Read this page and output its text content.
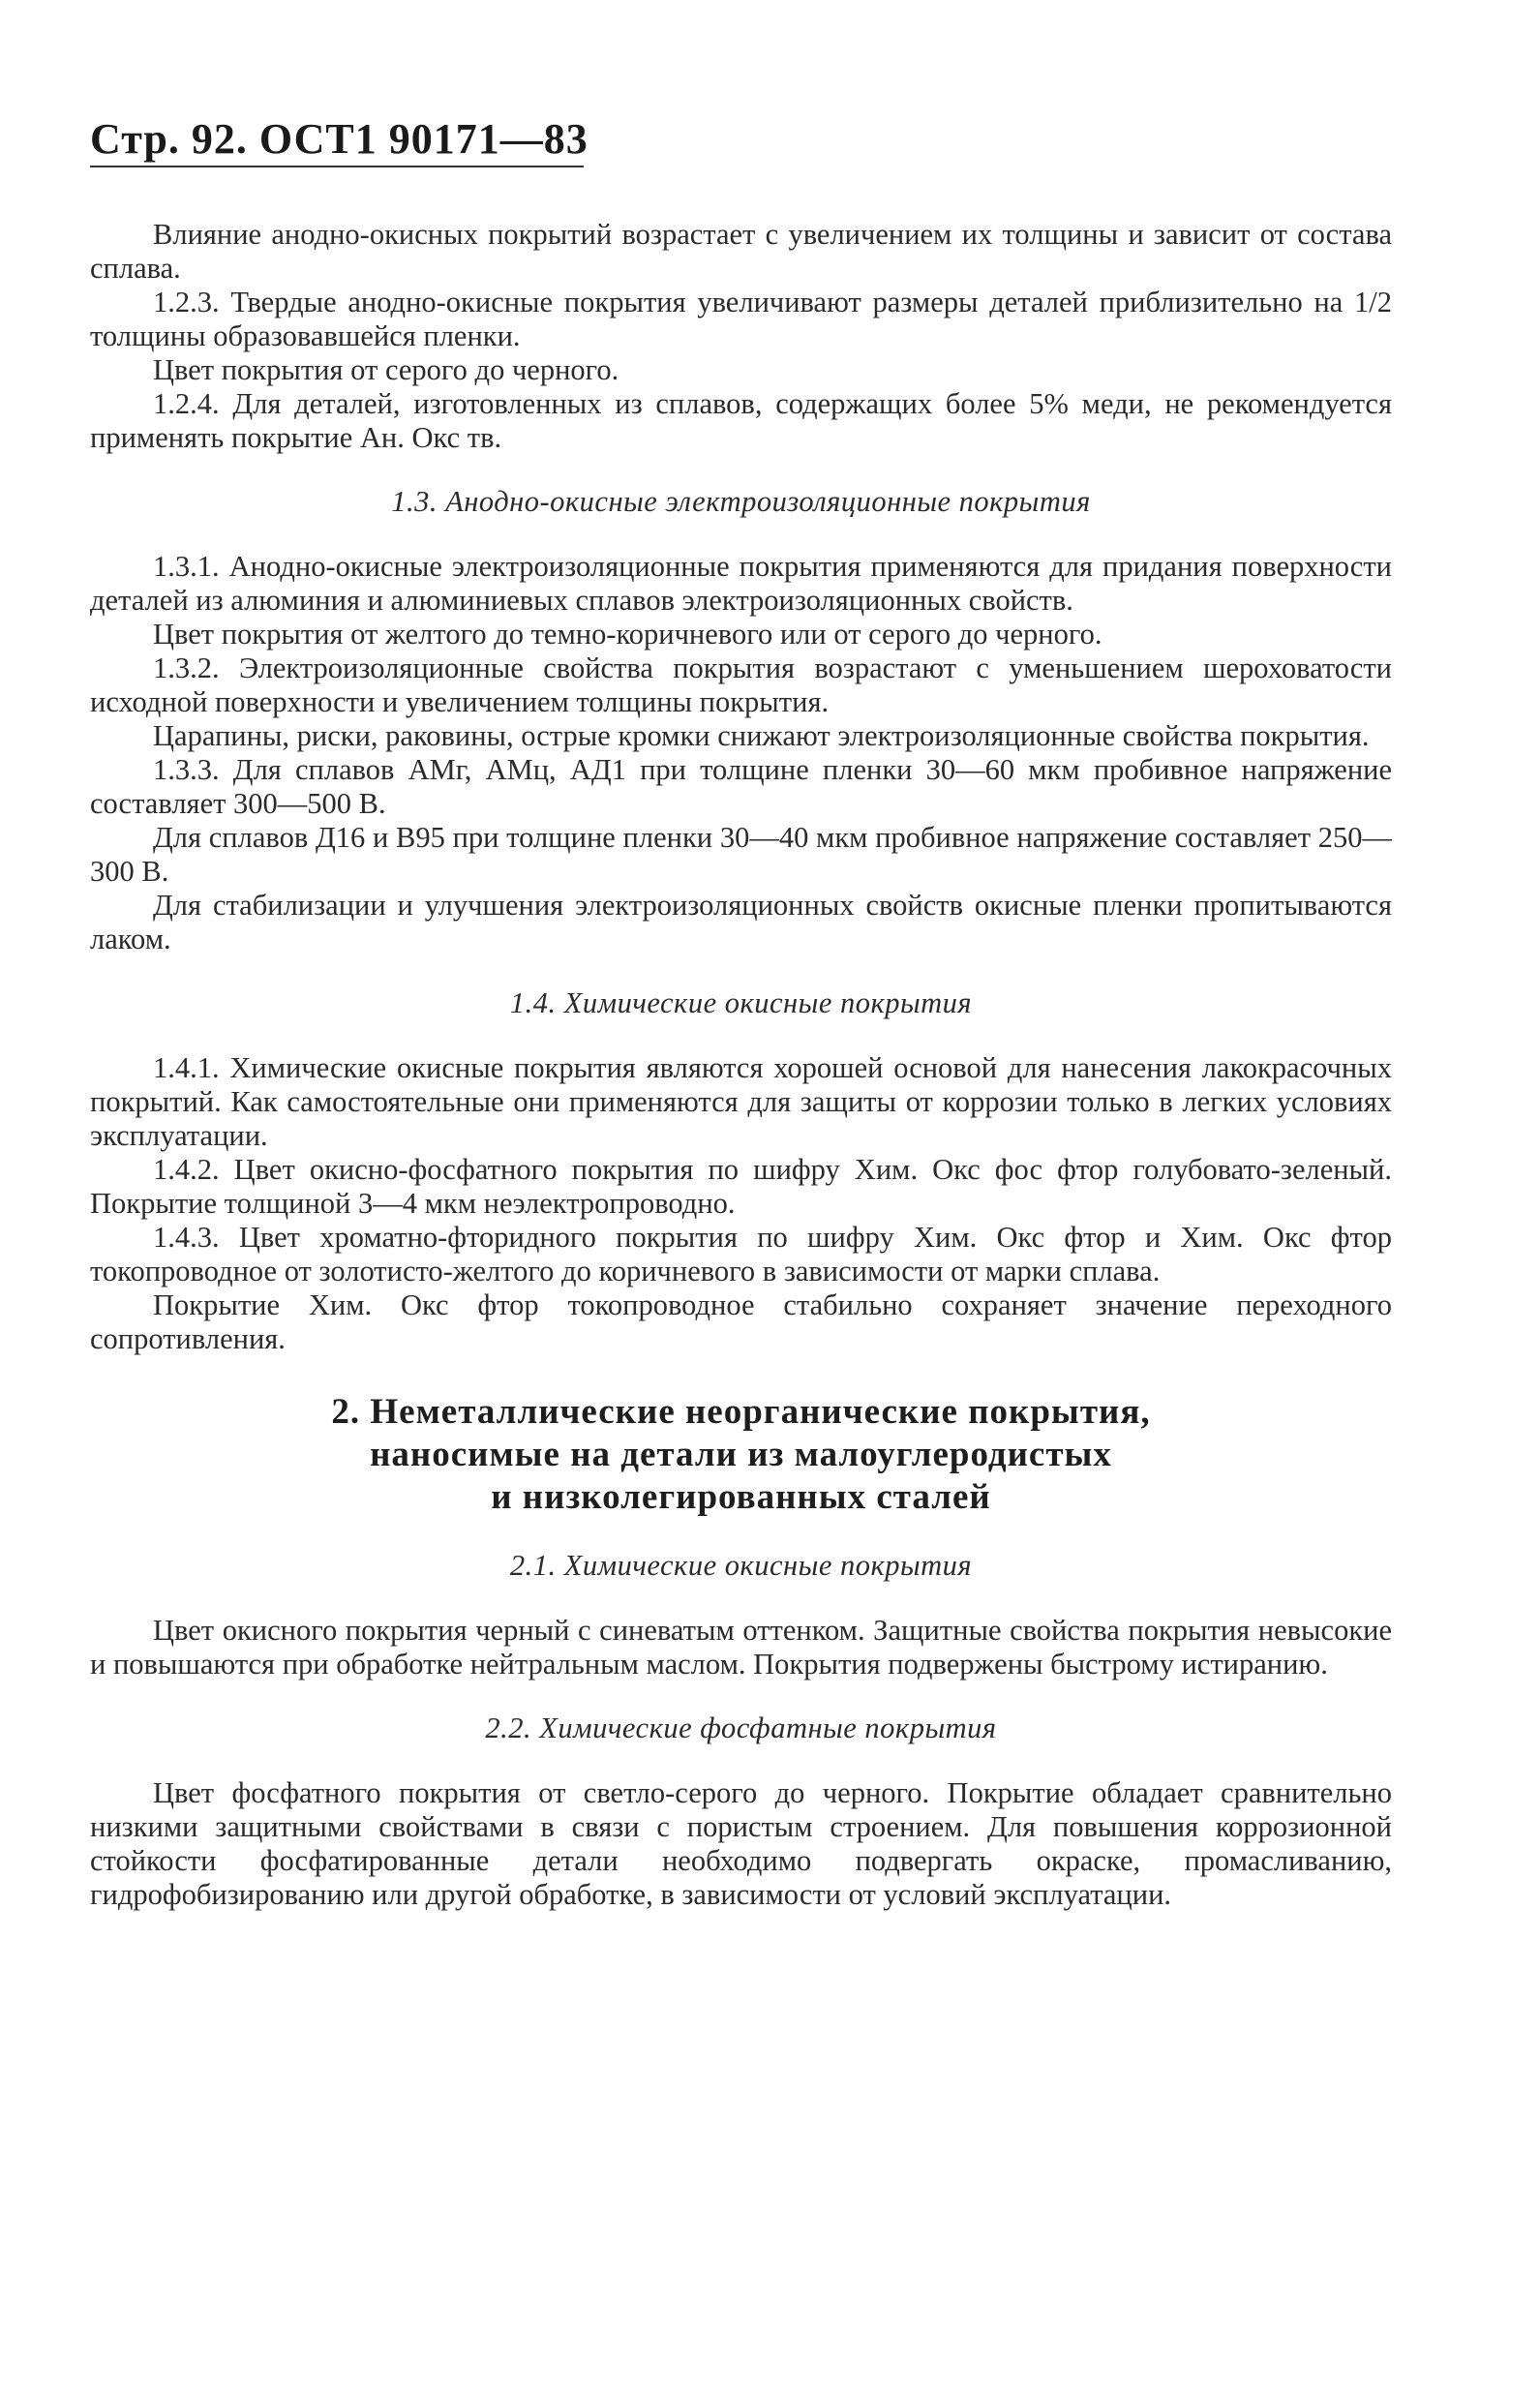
Стр. 92. ОСТ1 90171—83

Влияние анодно-окисных покрытий возрастает с увеличением их толщины и зависит от состава сплава.

1.2.3. Твердые анодно-окисные покрытия увеличивают размеры деталей приблизительно на 1/2 толщины образовавшейся пленки.

Цвет покрытия от серого до черного.

1.2.4. Для деталей, изготовленных из сплавов, содержащих более 5% меди, не рекомендуется применять покрытие Ан. Окс тв.

1.3. Анодно-окисные электроизоляционные покрытия

1.3.1. Анодно-окисные электроизоляционные покрытия применяются для придания поверхности деталей из алюминия и алюминиевых сплавов электроизоляционных свойств.

Цвет покрытия от желтого до темно-коричневого или от серого до черного.

1.3.2. Электроизоляционные свойства покрытия возрастают с уменьшением шероховатости исходной поверхности и увеличением толщины покрытия.

Царапины, риски, раковины, острые кромки снижают электроизоляционные свойства покрытия.

1.3.3. Для сплавов АМг, АМц, АД1 при толщине пленки 30—60 мкм пробивное напряжение составляет 300—500 В.

Для сплавов Д16 и В95 при толщине пленки 30—40 мкм пробивное напряжение составляет 250—300 В.

Для стабилизации и улучшения электроизоляционных свойств окисные пленки пропитываются лаком.

1.4. Химические окисные покрытия

1.4.1. Химические окисные покрытия являются хорошей основой для нанесения лакокрасочных покрытий. Как самостоятельные они применяются для защиты от коррозии только в легких условиях эксплуатации.

1.4.2. Цвет окисно-фосфатного покрытия по шифру Хим. Окс фос фтор голубовато-зеленый. Покрытие толщиной 3—4 мкм неэлектропроводно.

1.4.3. Цвет хроматно-фторидного покрытия по шифру Хим. Окс фтор и Хим. Окс фтор токопроводное от золотисто-желтого до коричневого в зависимости от марки сплава.

Покрытие Хим. Окс фтор токопроводное стабильно сохраняет значение переходного сопротивления.

2. Неметаллические неорганические покрытия,
наносимые на детали из малоуглеродистых
и низколегированных сталей
2.1. Химические окисные покрытия

Цвет окисного покрытия черный с синеватым оттенком. Защитные свойства покрытия невысокие и повышаются при обработке нейтральным маслом. Покрытия подвержены быстрому истиранию.

2.2. Химические фосфатные покрытия

Цвет фосфатного покрытия от светло-серого до черного. Покрытие обладает сравнительно низкими защитными свойствами в связи с пористым строением. Для повышения коррозионной стойкости фосфатированные детали необходимо подвергать окраске, промасливанию, гидрофобизированию или другой обработке, в зависимости от условий эксплуатации.
